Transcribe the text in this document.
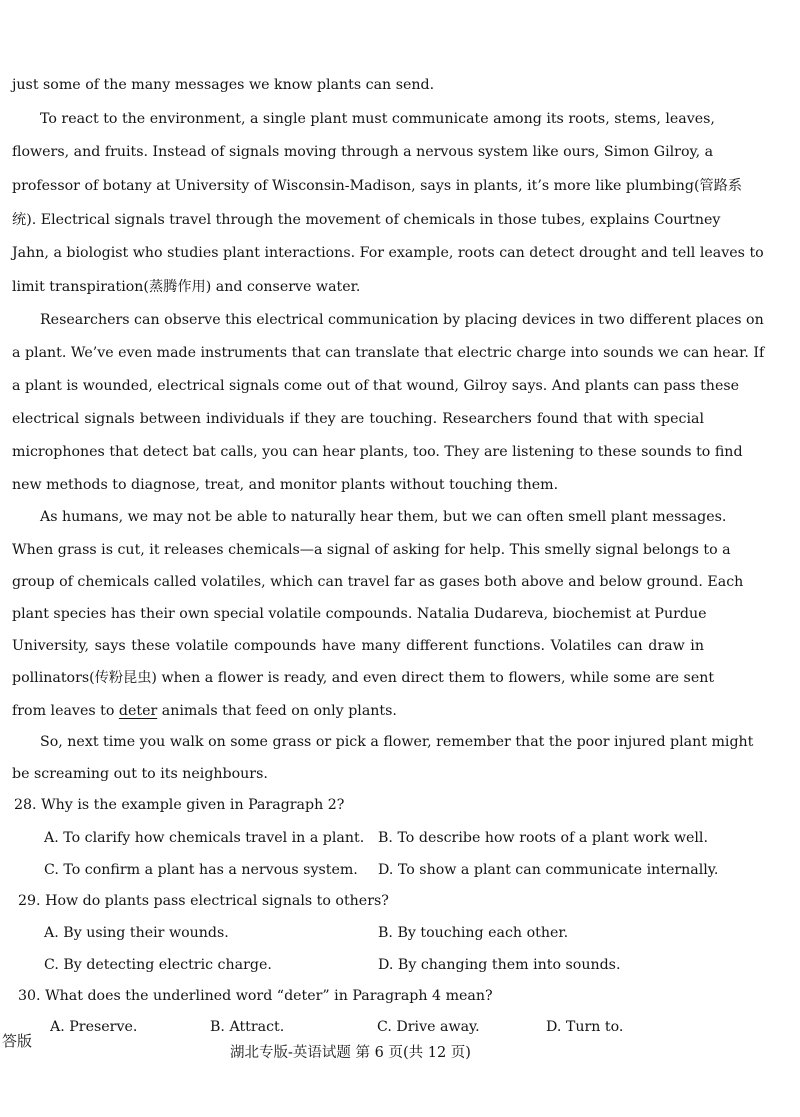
just some of the many messages we know plants can send.
To react to the environment, a single plant must communicate among its roots, stems, leaves,
flowers, and fruits. Instead of signals moving through a nervous system like ours, Simon Gilroy, a
professor of botany at University of Wisconsin-Madison, says in plants, it’s more like plumbing(管路系
统). Electrical signals travel through the movement of chemicals in those tubes, explains Courtney
Jahn, a biologist who studies plant interactions. For example, roots can detect drought and tell leaves to
limit transpiration(蒸腾作用) and conserve water.
Researchers can observe this electrical communication by placing devices in two different places on
a plant. We’ve even made instruments that can translate that electric charge into sounds we can hear. If
a plant is wounded, electrical signals come out of that wound, Gilroy says. And plants can pass these
electrical signals between individuals if they are touching. Researchers found that with special
microphones that detect bat calls, you can hear plants, too. They are listening to these sounds to find
new methods to diagnose, treat, and monitor plants without touching them.
As humans, we may not be able to naturally hear them, but we can often smell plant messages.
When grass is cut, it releases chemicals—a signal of asking for help. This smelly signal belongs to a
group of chemicals called volatiles, which can travel far as gases both above and below ground. Each
plant species has their own special volatile compounds. Natalia Dudareva, biochemist at Purdue
University, says these volatile compounds have many different functions. Volatiles can draw in
pollinators(传粉昆虫) when a flower is ready, and even direct them to flowers, while some are sent
from leaves to deter animals that feed on only plants.
So, next time you walk on some grass or pick a flower, remember that the poor injured plant might
be screaming out to its neighbours.
28. Why is the example given in Paragraph 2?
A. To clarify how chemicals travel in a plant. B. To describe how roots of a plant work well.
C. To confirm a plant has a nervous system. D. To show a plant can communicate internally.
29. How do plants pass electrical signals to others?
A. By using their wounds.	B. By touching each other.
C. By detecting electric charge.	D. By changing them into sounds.
30. What does the underlined word “deter” in Paragraph 4 mean?
A. Preserve.	B. Attract.	C. Drive away.	D. Turn to.
答版
湖北专版-英语试题 第 6 页(共 12 页)
